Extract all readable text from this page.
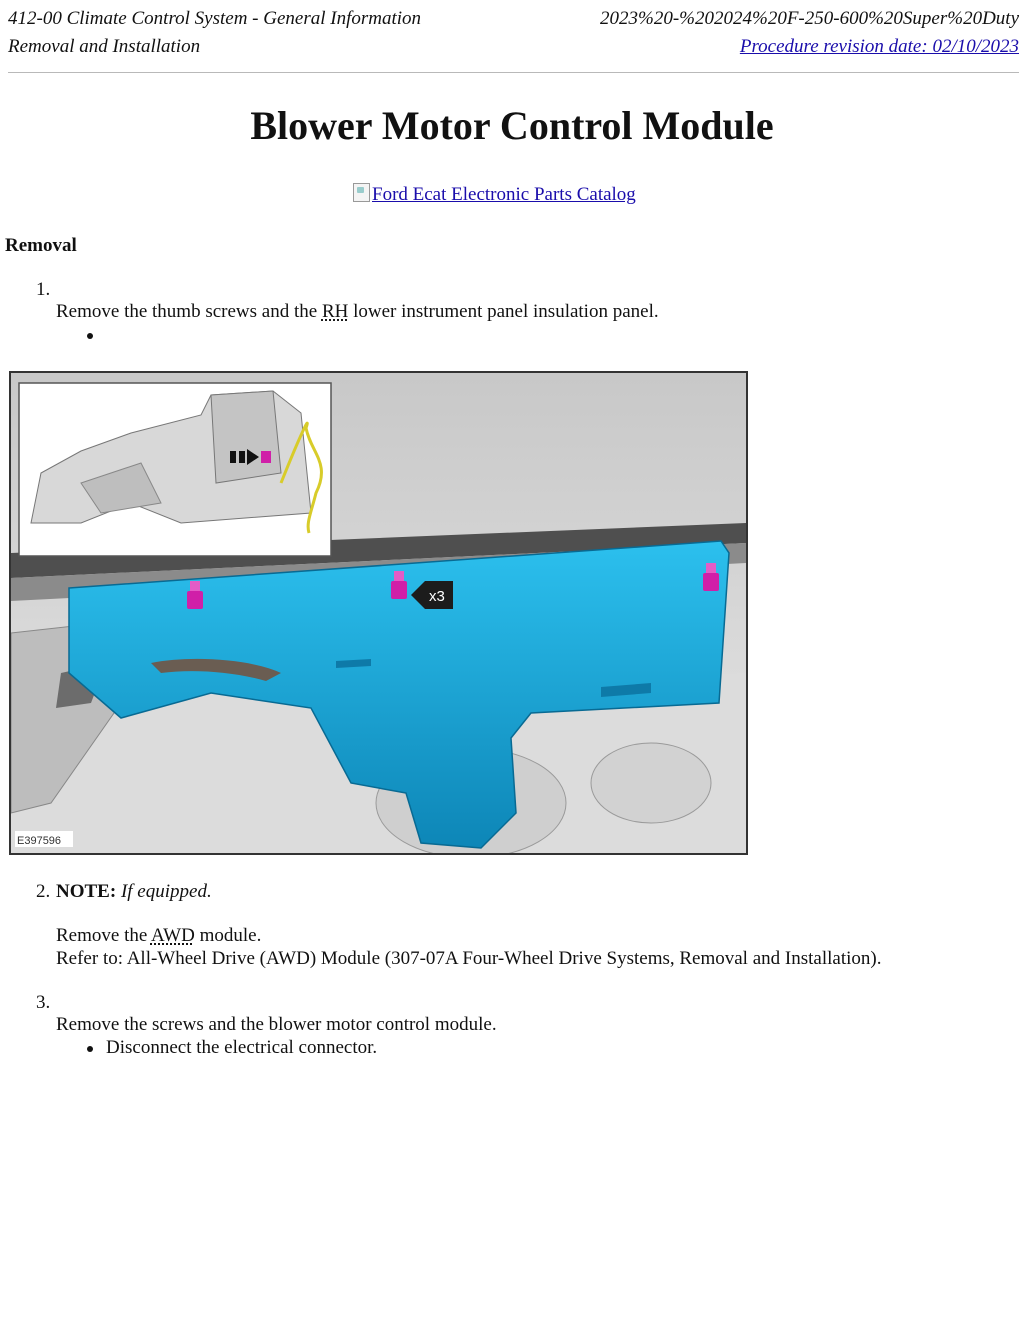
412-00 Climate Control System - General Information
Removal and Installation
2023%20-%202024%20F-250-600%20Super%20Duty
Procedure revision date: 02/10/2023
Blower Motor Control Module
Ford Ecat Electronic Parts Catalog
Removal
1.
Remove the thumb screws and the RH lower instrument panel insulation panel.
x3
E397596
2. NOTE: If equipped.
Remove the AWD module.
Refer to: All-Wheel Drive (AWD) Module (307-07A Four-Wheel Drive Systems, Removal and Installation).
3.
Remove the screws and the blower motor control module.
Disconnect the electrical connector.
